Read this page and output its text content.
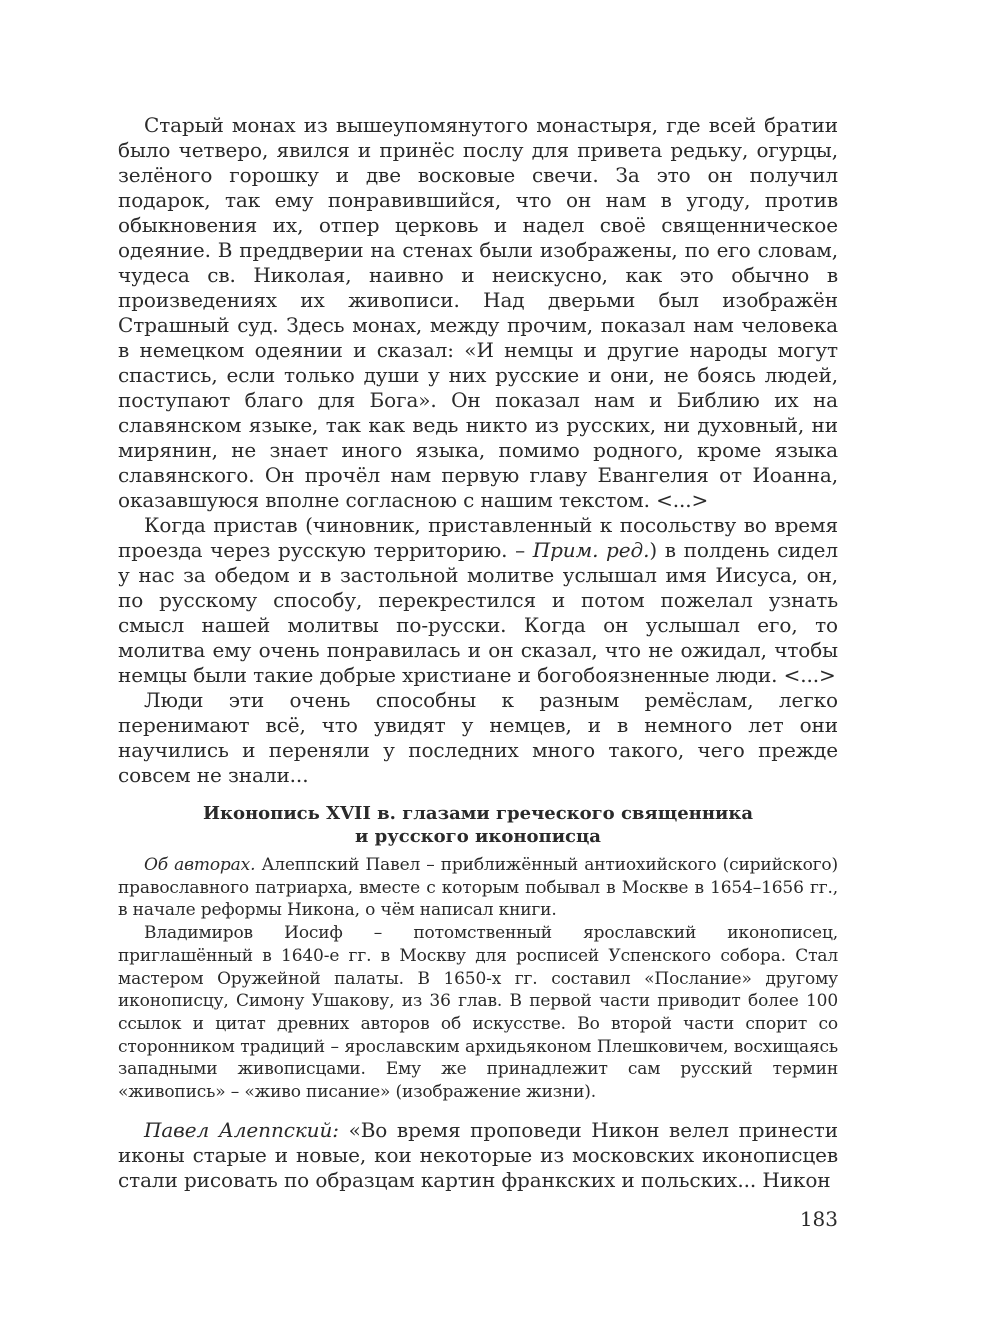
Старый монах из вышеупомянутого монастыря, где всей братии было четверо, явился и принёс послу для привета редьку, огурцы, зелёного горошку и две восковые свечи. За это он получил подарок, так ему понравившийся, что он нам в угоду, против обыкновения их, отпер церковь и надел своё священническое одеяние. В преддверии на стенах были изображены, по его словам, чудеса св. Николая, наивно и неискусно, как это обычно в произведениях их живописи. Над дверьми был изображён Страшный суд. Здесь монах, между прочим, показал нам человека в немецком одеянии и сказал: «И немцы и другие народы могут спастись, если только души у них русские и они, не боясь людей, поступают благо для Бога». Он показал нам и Библию их на славянском языке, так как ведь никто из русских, ни духовный, ни мирянин, не знает иного языка, помимо родного, кроме языка славянского. Он прочёл нам первую главу Евангелия от Иоанна, оказавшуюся вполне согласною с нашим текстом. <...>

Когда пристав (чиновник, приставленный к посольству во время проезда через русскую территорию. – Прим. ред.) в полдень сидел у нас за обедом и в застольной молитве услышал имя Иисуса, он, по русскому способу, перекрестился и потом пожелал узнать смысл нашей молитвы по-русски. Когда он услышал его, то молитва ему очень понравилась и он сказал, что не ожидал, чтобы немцы были такие добрые христиане и богобоязненные люди. <...>

Люди эти очень способны к разным ремёслам, легко перенимают всё, что увидят у немцев, и в немного лет они научились и переняли у последних много такого, чего прежде совсем не знали...

Иконопись XVII в. глазами греческого священника
и русского иконописца

Об авторах. Алеппский Павел – приближённый антиохийского (сирийского) православного патриарха, вместе с которым побывал в Москве в 1654–1656 гг., в начале реформы Никона, о чём написал книги.

Владимиров Иосиф – потомственный ярославский иконописец, приглашённый в 1640-е гг. в Москву для росписей Успенского собора. Стал мастером Оружейной палаты. В 1650-х гг. составил «Послание» другому иконописцу, Симону Ушакову, из 36 глав. В первой части приводит более 100 ссылок и цитат древних авторов об искусстве. Во второй части спорит со сторонником традиций – ярославским архидьяконом Плешковичем, восхищаясь западными живописцами. Ему же принадлежит сам русский термин «живопись» – «живо писание» (изображение жизни).

Павел Алеппский: «Во время проповеди Никон велел принести иконы старые и новые, кои некоторые из московских иконописцев стали рисовать по образцам картин франкских и польских... Никон

183
